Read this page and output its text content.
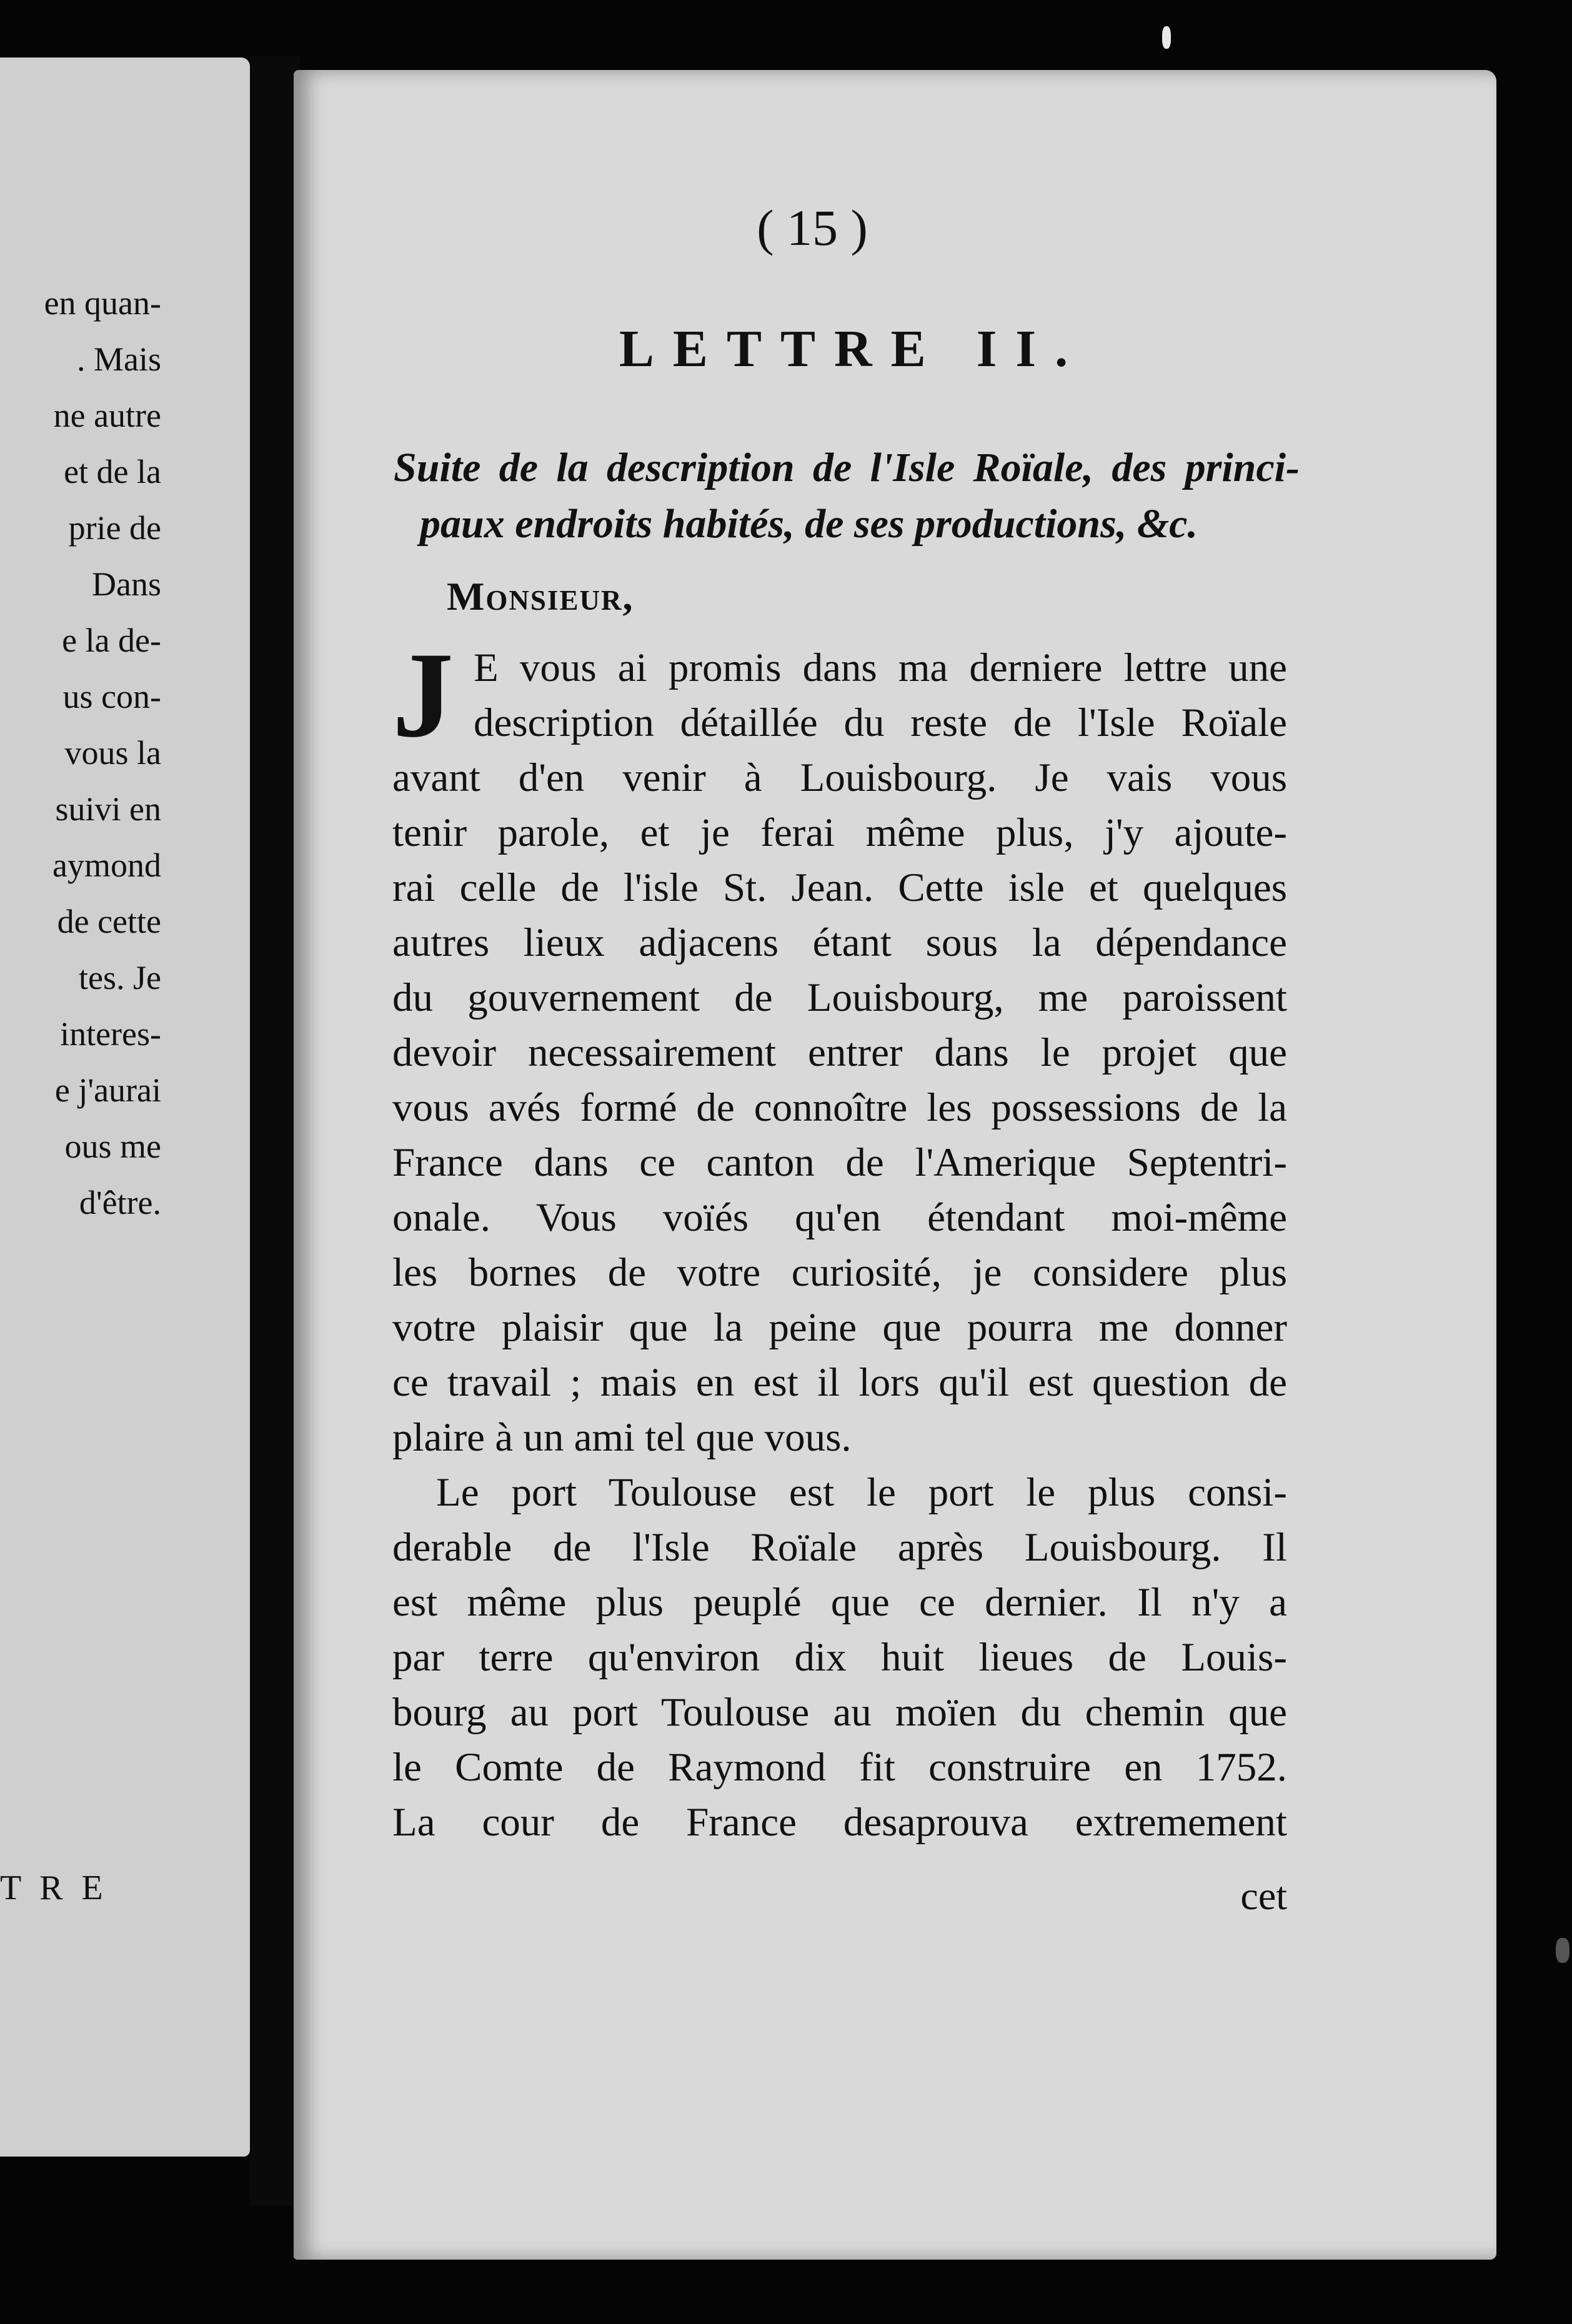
en quan-
. Mais
ne autre
et de la
prie de
Dans
e la de-
us con-
vous la
suivi en
aymond
de cette
tes. Je
interes-
e j'aurai
ous me
d'être.
T R E
( 15 )
LETTRE II.
Suite de la description de l'Isle Roïale, des princi-
paux endroits habités, de ses productions, &c.
Monsieur,
J E vous ai promis dans ma derniere lettre une
description détaillée du reste de l'Isle Roïale
avant d'en venir à Louisbourg. Je vais vous
tenir parole, et je ferai même plus, j'y ajoute-
rai celle de l'isle St. Jean. Cette isle et quelques
autres lieux adjacens étant sous la dépendance
du gouvernement de Louisbourg, me paroissent
devoir necessairement entrer dans le projet que
vous avés formé de connoître les possessions de la
France dans ce canton de l'Amerique Septentri-
onale. Vous voïés qu'en étendant moi-même
les bornes de votre curiosité, je considere plus
votre plaisir que la peine que pourra me donner
ce travail ; mais en est il lors qu'il est question de
plaire à un ami tel que vous.
Le port Toulouse est le port le plus consi-
derable de l'Isle Roïale après Louisbourg. Il
est même plus peuplé que ce dernier. Il n'y a
par terre qu'environ dix huit lieues de Louis-
bourg au port Toulouse au moïen du chemin que
le Comte de Raymond fit construire en 1752.
La cour de France desaprouva extremement
cet
